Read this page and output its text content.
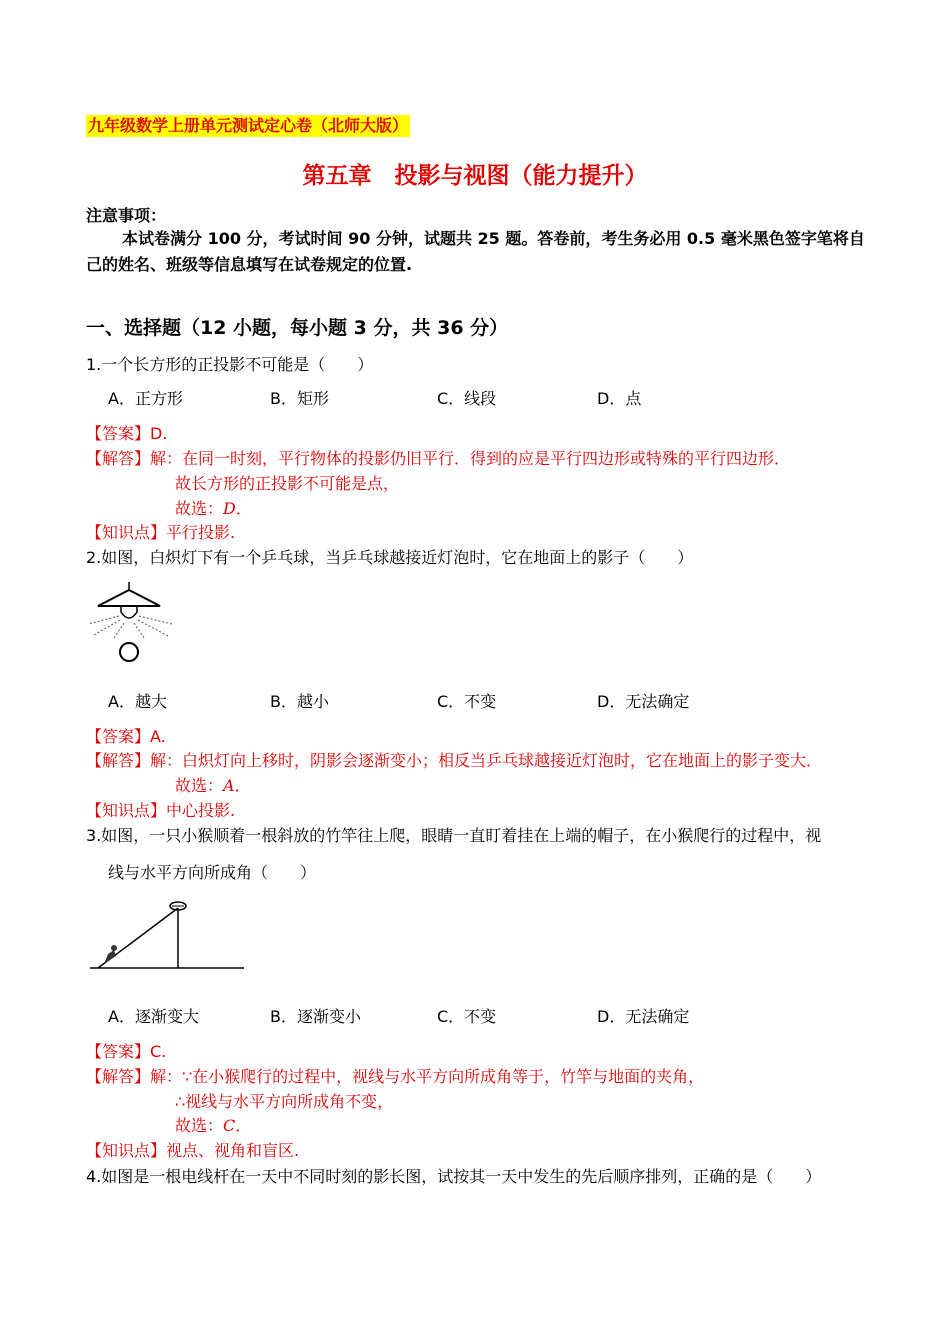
九年级数学上册单元测试定心卷（北师大版）
第五章　投影与视图（能力提升）
注意事项：
本试卷满分 100 分，考试时间 90 分钟，试题共 25 题。答卷前，考生务必用 0.5 毫米黑色签字笔将自己的姓名、班级等信息填写在试卷规定的位置.
一、选择题（12 小题，每小题 3 分，共 36 分）
1.一个长方形的正投影不可能是（　　）
A．正方形	B．矩形	C．线段	D．点
【答案】D.
【解答】解：在同一时刻，平行物体的投影仍旧平行．得到的应是平行四边形或特殊的平行四边形．
故长方形的正投影不可能是点，
故选：D．
【知识点】平行投影.
2.如图，白炽灯下有一个乒乓球，当乒乓球越接近灯泡时，它在地面上的影子（　　）
A．越大	B．越小	C．不变	D．无法确定
【答案】A.
【解答】解：白炽灯向上移时，阴影会逐渐变小；相反当乒乓球越接近灯泡时，它在地面上的影子变大．
故选：A．
【知识点】中心投影.
3.如图，一只小猴顺着一根斜放的竹竿往上爬，眼睛一直盯着挂在上端的帽子，在小猴爬行的过程中，视
线与水平方向所成角（　　）
A．逐渐变大	B．逐渐变小	C．不变	D．无法确定
【答案】C.
【解答】解：∵在小猴爬行的过程中，视线与水平方向所成角等于，竹竿与地面的夹角，
∴视线与水平方向所成角不变，
故选：C．
【知识点】视点、视角和盲区.
4.如图是一根电线杆在一天中不同时刻的影长图，试按其一天中发生的先后顺序排列，正确的是（　　）
